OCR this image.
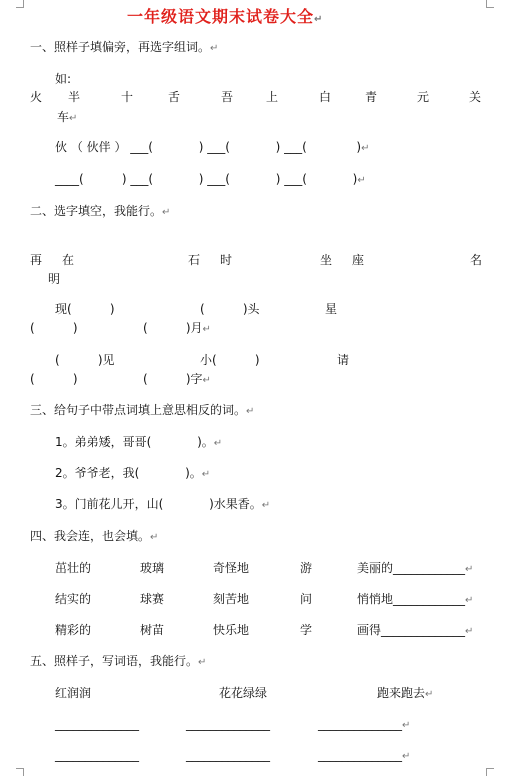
一年级语文期末试卷大全↵
一、照样子填偏旁，再选字组词。↵
如:
火 半	十	舌	吾	上	白	青	元	关
车↵
伙 （ 伙伴 ） ___(            ) ___(            ) ___(             )↵
____(          ) ___(            ) ___(            ) ___(            )↵
二、选字填空，我能行。↵
再 在	石 时	坐 座	名
明
现(          )	(          )头	星
(          )	(          )月↵
(          )见	小(          )	请
(          )	(          )字↵
三、给句子中带点词填上意思相反的词。↵
1。弟弟矮，哥哥(            )。↵
2。爷爷老，我(            )。↵
3。门前花儿开，山(            )水果香。↵
四、我会连，也会填。↵
茁壮的	玻璃	奇怪地	游	美丽的____________↵
结实的	球赛	刻苦地	问	悄悄地____________↵
精彩的	树苗	快乐地	学	画得______________↵
五、照样子，写词语，我能行。↵
红润润	花花绿绿	跑来跑去↵
______________	______________	______________↵
______________	______________	______________↵
